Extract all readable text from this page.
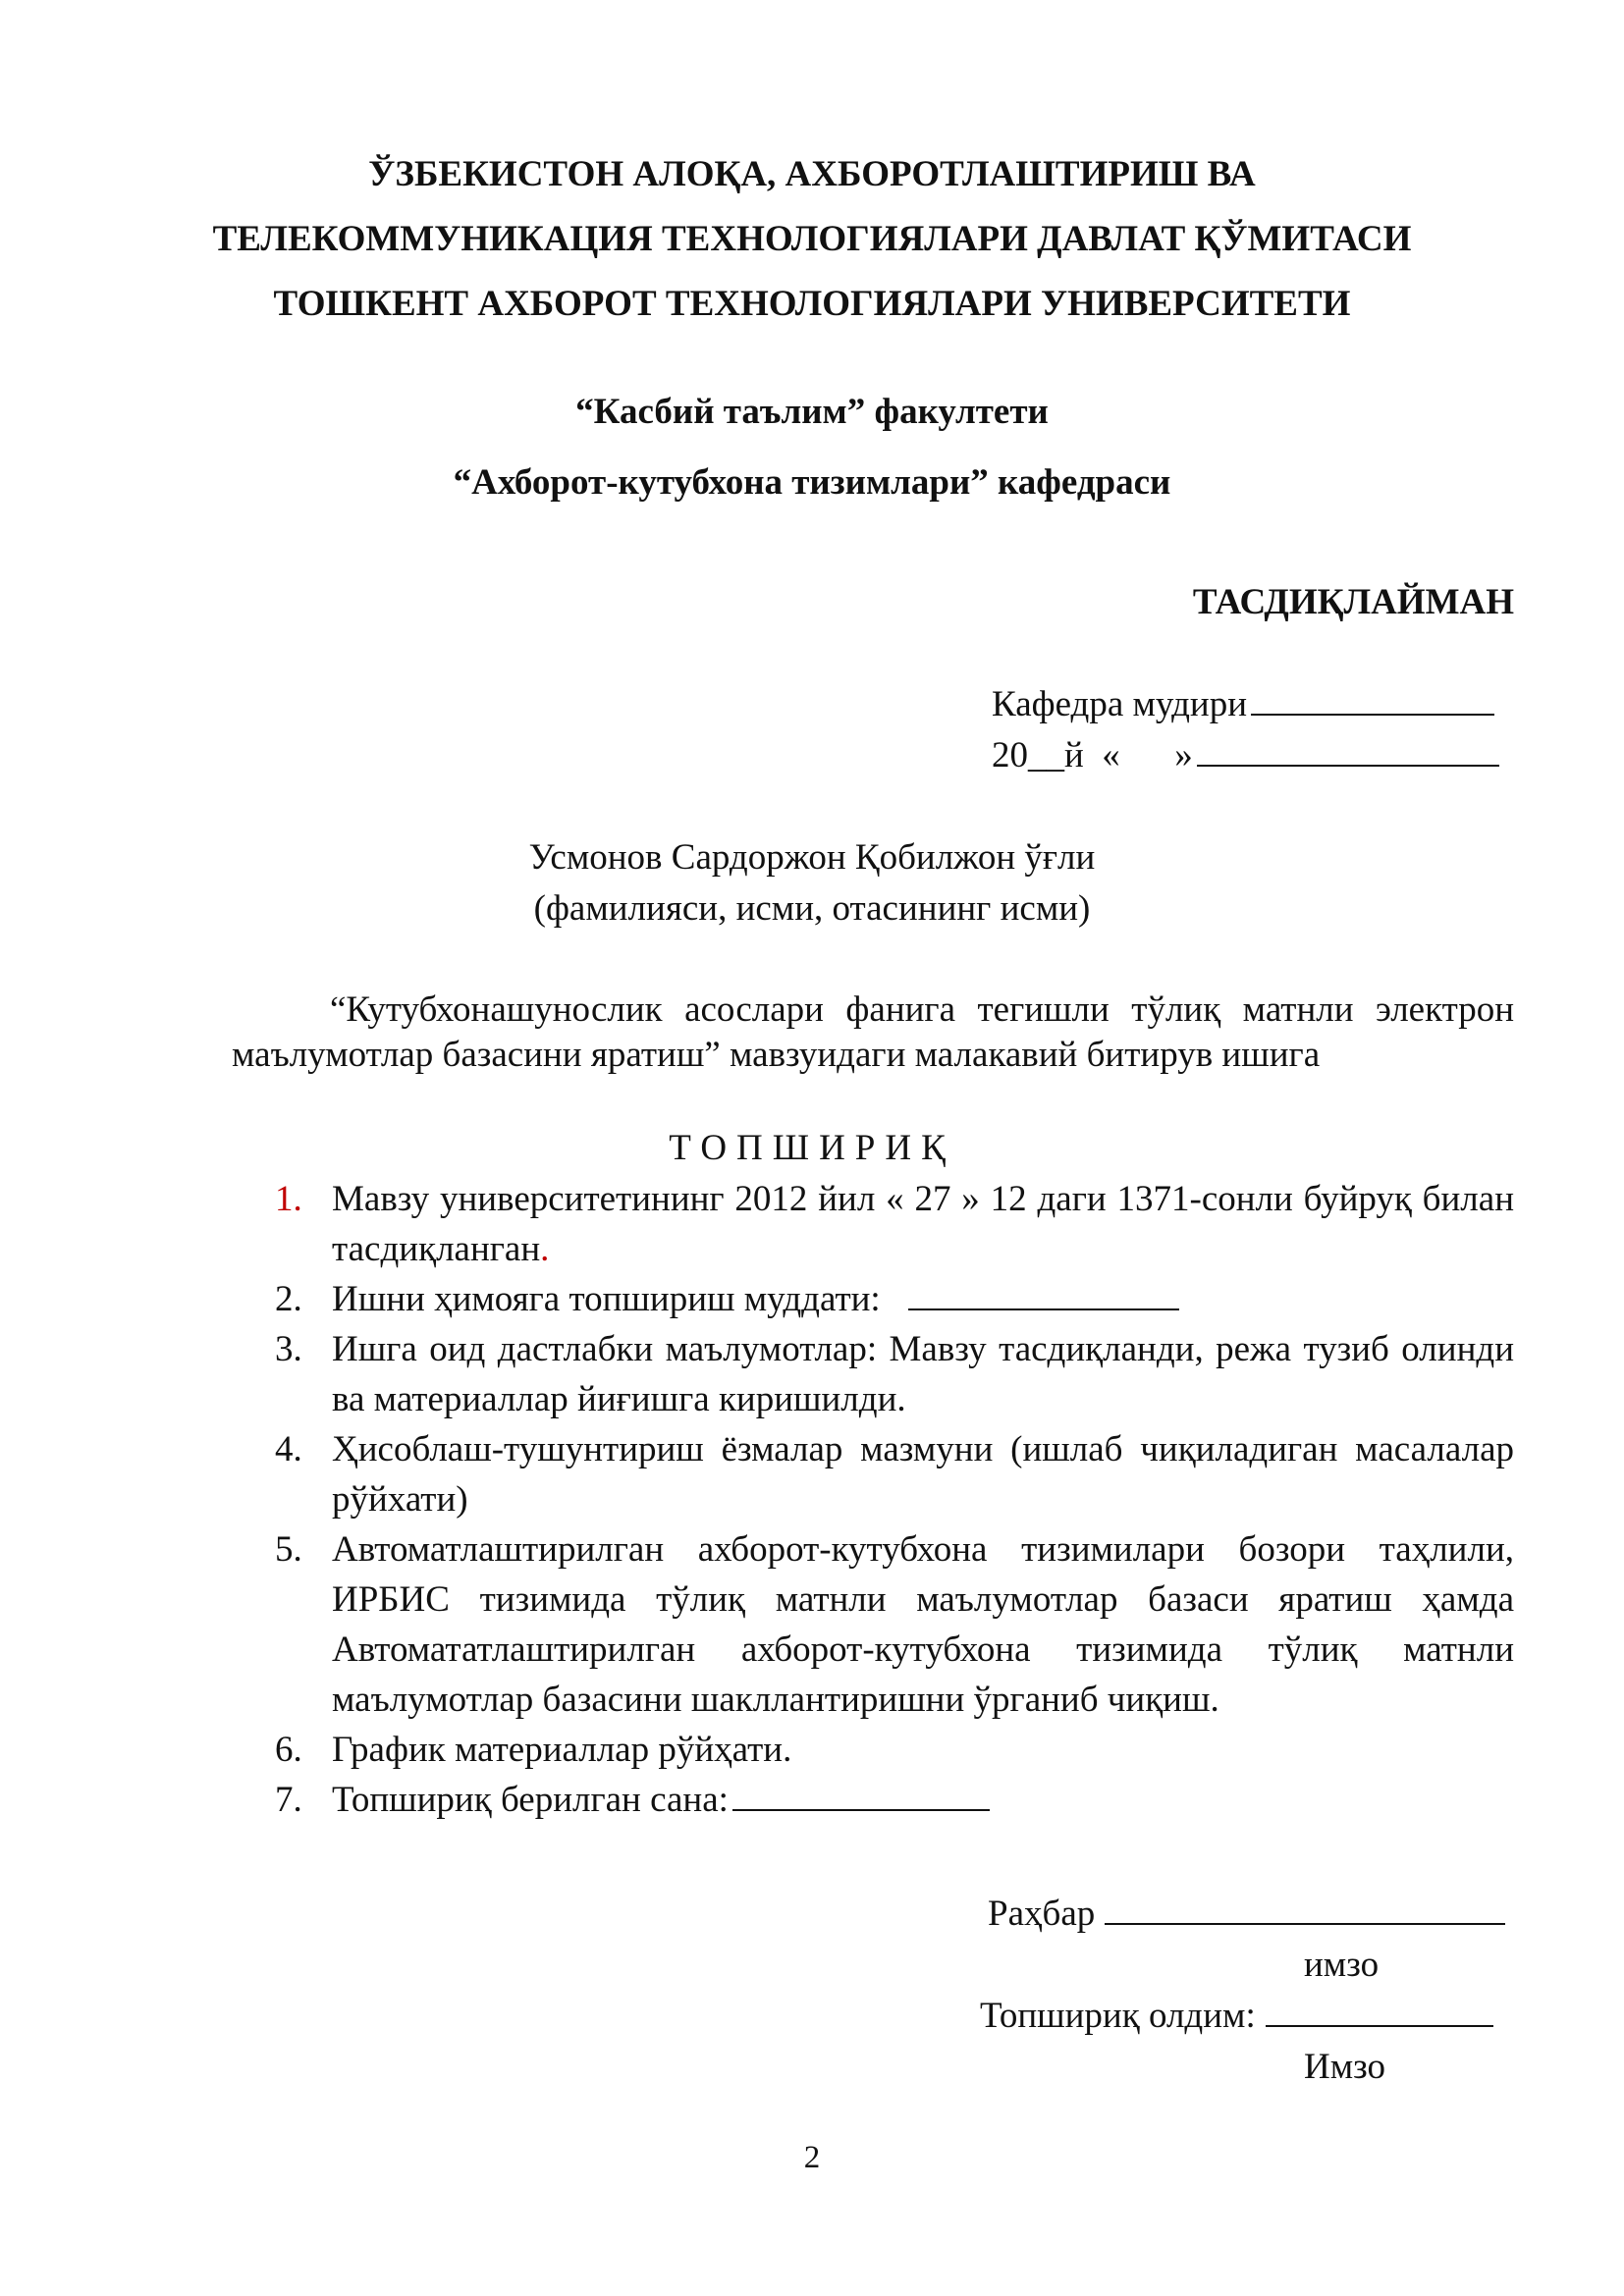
ЎЗБЕКИСТОН АЛОҚА, АХБОРОТЛАШТИРИШ ВА
ТЕЛЕКОММУНИКАЦИЯ ТЕХНОЛОГИЯЛАРИ ДАВЛАТ ҚЎМИТАСИ
ТОШКЕНТ АХБОРОТ ТЕХНОЛОГИЯЛАРИ УНИВЕРСИТЕТИ
“Касбий таълим” факултети
“Ахборот-кутубхона тизимлари” кафедраси
ТАСДИҚЛАЙМАН
Кафедра мудири
20__й  «      »
Усмонов Сардоржон Қобилжон ўғли
(фамилияси, исми, отасининг исми)
“Кутубхонашунослик асослари фанига тегишли тўлиқ матнли электрон маълумотлар базасини яратиш” мавзуидаги малакавий битирув ишига
ТОПШИРИҚ
1. Мавзу университетининг 2012 йил « 27 » 12 даги 1371-сонли буйруқ билан тасдиқланган.
2. Ишни ҳимояга топшириш муддати:
3. Ишга оид дастлабки маълумотлар: Мавзу тасдиқланди, режа тузиб олинди ва материаллар йиғишга киришилди.
4. Ҳисоблаш-тушунтириш ёзмалар мазмуни (ишлаб чиқиладиган масалалар рўйхати)
5. Автоматлаштирилган ахборот-кутубхона тизимилари бозори таҳлили, ИРБИС тизимида тўлиқ матнли маълумотлар базаси яратиш ҳамда Автомататлаштирилган ахборот-кутубхона тизимида тўлиқ матнли маълумотлар базасини шакллантиришни ўрганиб чиқиш.
6. График материаллар рўйҳати.
7. Топшириқ берилган сана:
Раҳбар
имзо
Топшириқ олдим:
Имзо
2
